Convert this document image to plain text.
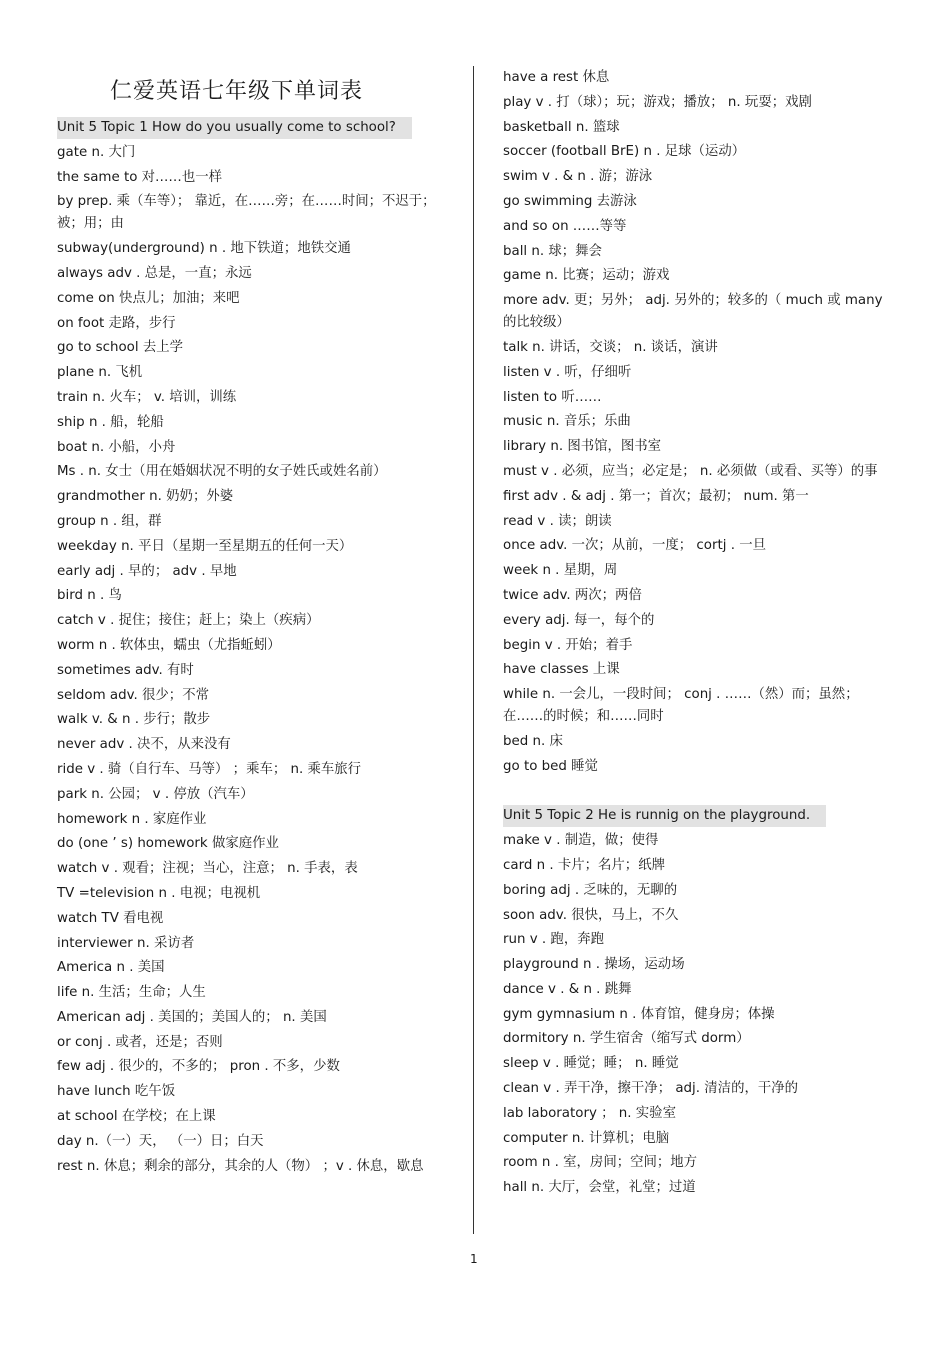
仁爱英语七年级下单词表
Unit 5 Topic 1 How do you usually come to school?
gate n. 大门
the same to 对……也一样
by prep. 乘（车等）； 靠近，在……旁；在……时间；不迟于；被；用；由
subway(underground) n . 地下铁道；地铁交通
always adv . 总是，一直；永远
come on 快点儿；加油；来吧
on foot 走路，步行
go to school 去上学
plane n. 飞机
train n. 火车； v. 培训，训练
ship n . 船，轮船
boat n. 小船，小舟
Ms . n. 女士（用在婚姻状况不明的女子姓氏或姓名前）
grandmother n. 奶奶；外婆
group n . 组，群
weekday n. 平日（星期一至星期五的任何一天）
early adj . 早的； adv . 早地
bird n . 鸟
catch v . 捉住；接住；赶上；染上（疾病）
worm n . 软体虫，蠕虫（尤指蚯蚓）
sometimes adv. 有时
seldom adv. 很少；不常
walk v. & n . 步行；散步
never adv . 决不，从来没有
ride v . 骑（自行车、马等） ；乘车； n. 乘车旅行
park n. 公园； v . 停放（汽车）
homework n . 家庭作业
do (one ’ s) homework 做家庭作业
watch v . 观看；注视；当心，注意； n. 手表，表
TV =television n . 电视；电视机
watch TV 看电视
interviewer n. 采访者
America n . 美国
life n. 生活；生命；人生
American adj . 美国的；美国人的； n. 美国
or conj . 或者，还是；否则
few adj . 很少的，不多的； pron . 不多，少数
have lunch 吃午饭
at school 在学校；在上课
day n.（一）天， （一）日；白天
rest n. 休息；剩余的部分，其余的人（物） ；v . 休息，歇息
have a rest 休息
play v . 打（球）；玩；游戏；播放； n. 玩耍；戏剧
basketball n. 篮球
soccer (football BrE) n . 足球（运动）
swim v . & n . 游；游泳
go swimming 去游泳
and so on ……等等
ball n. 球；舞会
game n. 比赛；运动；游戏
more adv. 更；另外； adj. 另外的；较多的（ much 或 many 的比较级）
talk n. 讲话，交谈； n. 谈话，演讲
listen v . 听，仔细听
listen to 听……
music n. 音乐；乐曲
library n. 图书馆，图书室
must v . 必须，应当；必定是； n. 必须做（或看、买等）的事
first adv . & adj . 第一；首次；最初； num. 第一
read v . 读；朗读
once adv. 一次；从前，一度； cortj . 一旦
week n . 星期，周
twice adv. 两次；两倍
every adj. 每一，每个的
begin v . 开始；着手
have classes 上课
while n. 一会儿，一段时间； conj . ……（然）而；虽然；在……的时候；和……同时
bed n. 床
go to bed 睡觉
Unit 5 Topic 2 He is runnig on the playground.
make v . 制造，做；使得
card n . 卡片；名片；纸牌
boring adj . 乏味的，无聊的
soon adv. 很快，马上，不久
run v . 跑，奔跑
playground n . 操场，运动场
dance v . & n . 跳舞
gym gymnasium n . 体育馆，健身房；体操
dormitory n. 学生宿舍（缩写式 dorm）
sleep v . 睡觉；睡； n. 睡觉
clean v . 弄干净，擦干净； adj. 清洁的，干净的
lab laboratory ； n. 实验室
computer n. 计算机；电脑
room n . 室，房间；空间；地方
hall n. 大厅，会堂，礼堂；过道
1
